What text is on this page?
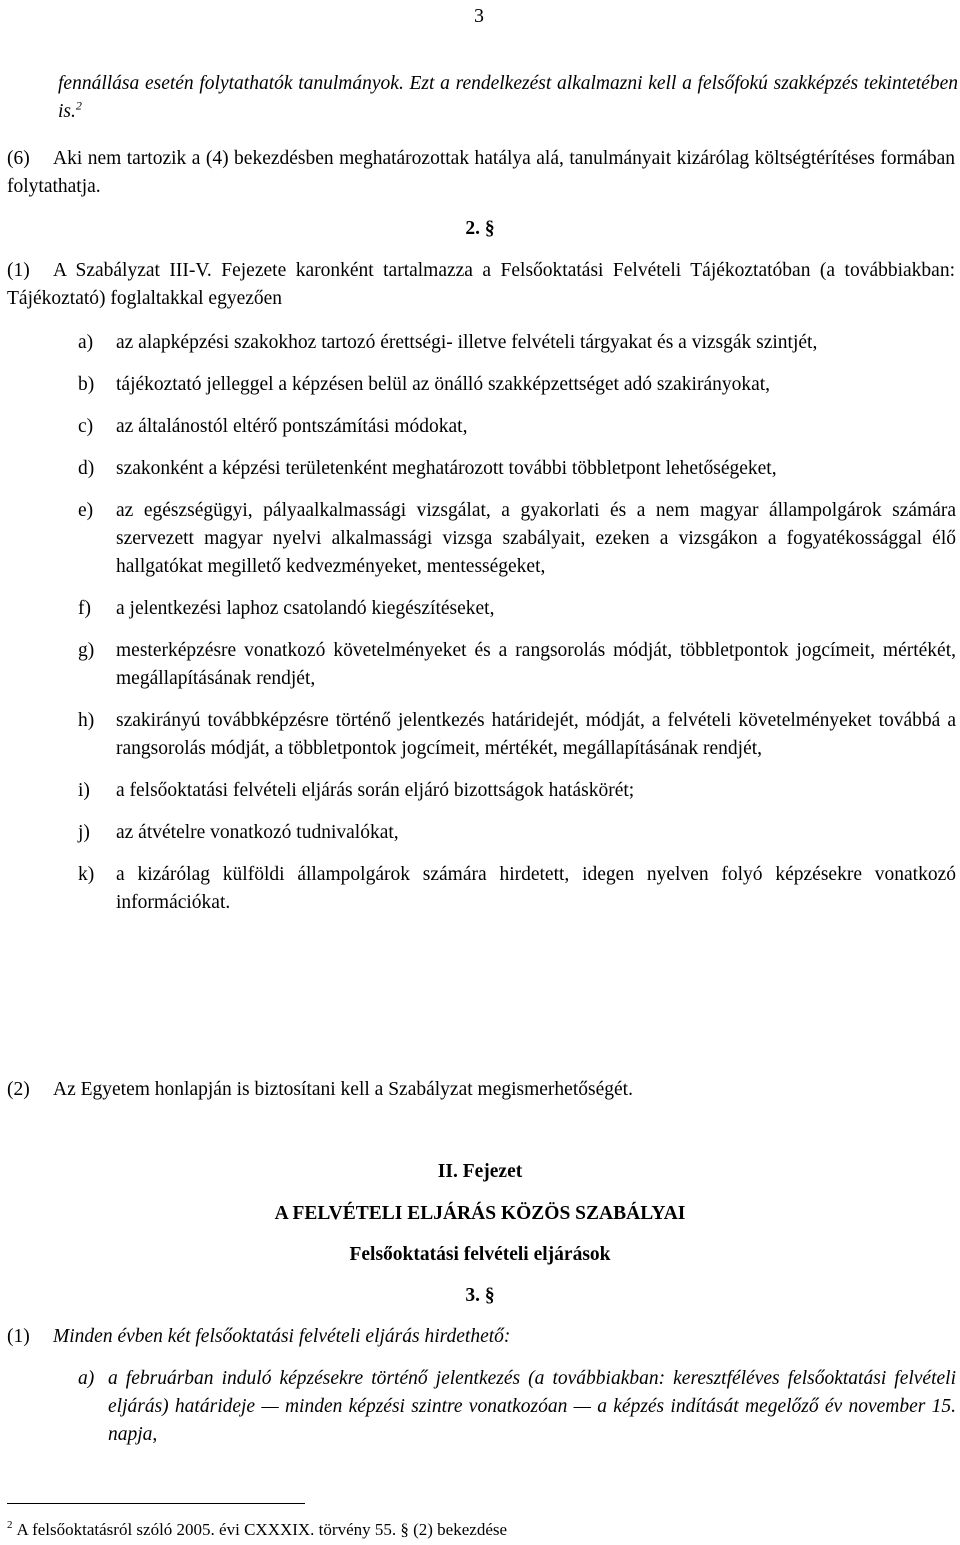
3
fennállása esetén folytathatók tanulmányok. Ezt a rendelkezést alkalmazni kell a felsőfokú szakképzés tekintetében is.$^2$
(6) Aki nem tartozik a (4) bekezdésben meghatározottak hatálya alá, tanulmányait kizárólag költségtérítéses formában folytathatja.
2. §
(1) A Szabályzat III-V. Fejezete karonként tartalmazza a Felsőoktatási Felvételi Tájékoztatóban (a továbbiakban: Tájékoztató) foglaltakkal egyezően
a) az alapképzési szakokhoz tartozó érettségi- illetve felvételi tárgyakat és a vizsgák szintjét,
b) tájékoztató jelleggel a képzésen belül az önálló szakképzettséget adó szakirányokat,
c) az általánostól eltérő pontszámítási módokat,
d) szakonként a képzési területenként meghatározott további többletpont lehetőségeket,
e) az egészségügyi, pályaalkalmassági vizsgálat, a gyakorlati és a nem magyar állampolgárok számára szervezett magyar nyelvi alkalmassági vizsga szabályait, ezeken a vizsgákon a fogyatékossággal élő hallgatókat megillető kedvezményeket, mentességeket,
f) a jelentkezési laphoz csatolandó kiegészítéseket,
g) mesterképzésre vonatkozó követelményeket és a rangsorolás módját, többletpontok jogcímeit, mértékét, megállapításának rendjét,
h) szakirányú továbbképzésre történő jelentkezés határidejét, módját, a felvételi követelményeket továbbá a rangsorolás módját, a többletpontok jogcímeit, mértékét, megállapításának rendjét,
i) a felsőoktatási felvételi eljárás során eljáró bizottságok hatáskörét;
j) az átvételre vonatkozó tudnivalókat,
k) a kizárólag külföldi állampolgárok számára hirdetett, idegen nyelven folyó képzésekre vonatkozó információkat.
(2) Az Egyetem honlapján is biztosítani kell a Szabályzat megismerhetőségét.
II. Fejezet
A FELVÉTELI ELJÁRÁS KÖZÖS SZABÁLYAI
Felsőoktatási felvételi eljárások
3. §
(1) Minden évben két felsőoktatási felvételi eljárás hirdethető:
a) a februárban induló képzésekre történő jelentkezés (a továbbiakban: keresztféléves felsőoktatási felvételi eljárás) határideje — minden képzési szintre vonatkozóan — a képzés indítását megelőző év november 15. napja,
$^2$ A felsőoktatásról szóló 2005. évi CXXXIX. törvény 55. § (2) bekezdése
